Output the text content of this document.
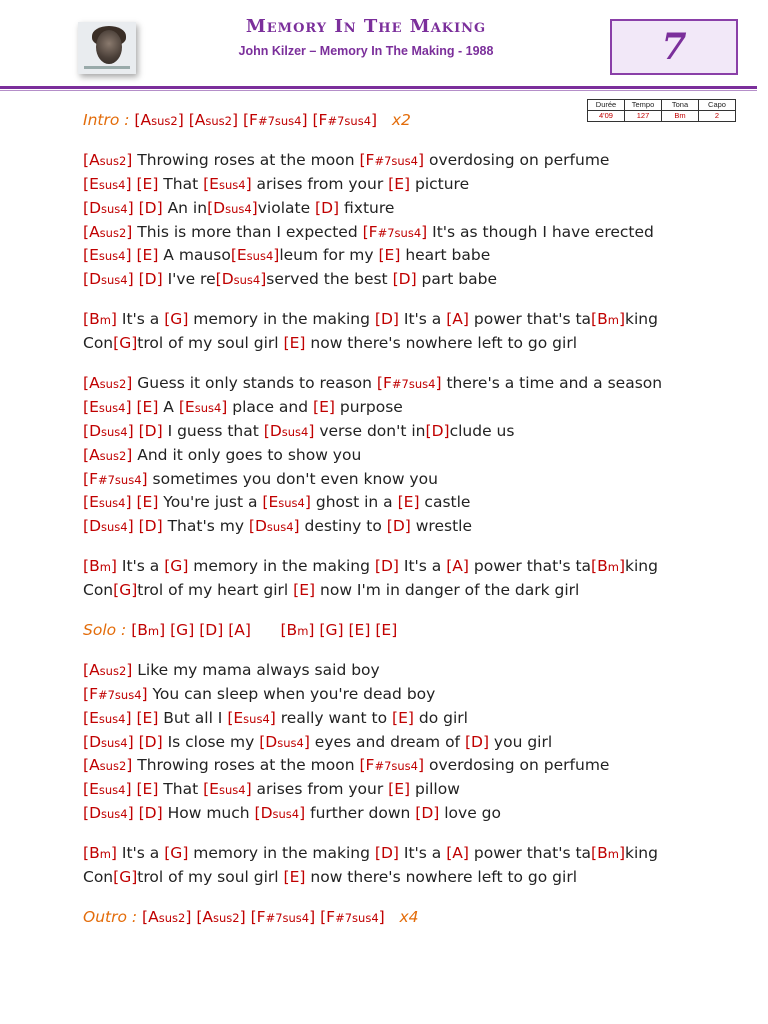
Memory In The Making
John Kilzer – Memory In The Making - 1988	7
Durée	Tempo	Tona	Capo
4'09	127	Bm	2
Intro : [Asus2] [Asus2] [F#7sus4] [F#7sus4] x2
[Asus2] Throwing roses at the moon [F#7sus4] overdosing on perfume
[Esus4] [E] That [Esus4] arises from your [E] picture
[Dsus4] [D] An in[Dsus4]violate [D] fixture
[Asus2] This is more than I expected [F#7sus4] It's as though I have erected
[Esus4] [E] A mauso[Esus4]leum for my [E] heart babe
[Dsus4] [D] I've re[Dsus4]served the best [D] part babe
[Bm] It's a [G] memory in the making [D] It's a [A] power that's ta[Bm]king
Con[G]trol of my soul girl [E] now there's nowhere left to go girl
[Asus2] Guess it only stands to reason [F#7sus4] there's a time and a season
[Esus4] [E] A [Esus4] place and [E] purpose
[Dsus4] [D] I guess that [Dsus4] verse don't in[D]clude us
[Asus2] And it only goes to show you
[F#7sus4] sometimes you don't even know you
[Esus4] [E] You're just a [Esus4] ghost in a [E] castle
[Dsus4] [D] That's my [Dsus4] destiny to [D] wrestle
[Bm] It's a [G] memory in the making [D] It's a [A] power that's ta[Bm]king
Con[G]trol of my heart girl [E] now I'm in danger of the dark girl
Solo : [Bm] [G] [D] [A] [Bm] [G] [E] [E]
[Asus2] Like my mama always said boy
[F#7sus4] You can sleep when you're dead boy
[Esus4] [E] But all I [Esus4] really want to [E] do girl
[Dsus4] [D] Is close my [Dsus4] eyes and dream of [D] you girl
[Asus2] Throwing roses at the moon [F#7sus4] overdosing on perfume
[Esus4] [E] That [Esus4] arises from your [E] pillow
[Dsus4] [D] How much [Dsus4] further down [D] love go
[Bm] It's a [G] memory in the making [D] It's a [A] power that's ta[Bm]king
Con[G]trol of my soul girl [E] now there's nowhere left to go girl
Outro : [Asus2] [Asus2] [F#7sus4] [F#7sus4] x4
